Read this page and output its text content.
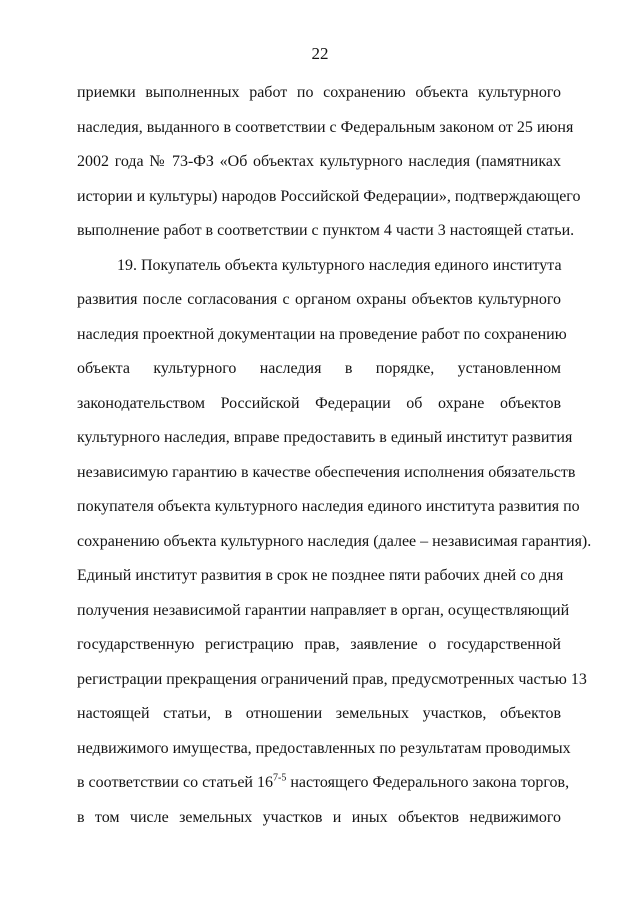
22
приемки выполненных работ по сохранению объекта культурного
наследия, выданного в соответствии с Федеральным законом от 25 июня
2002 года № 73-ФЗ «Об объектах культурного наследия (памятниках
истории и культуры) народов Российской Федерации», подтверждающего
выполнение работ в соответствии с пунктом 4 части 3 настоящей статьи.
19. Покупатель объекта культурного наследия единого института
развития после согласования с органом охраны объектов культурного
наследия проектной документации на проведение работ по сохранению
объекта культурного наследия в порядке, установленном
законодательством Российской Федерации об охране объектов
культурного наследия, вправе предоставить в единый институт развития
независимую гарантию в качестве обеспечения исполнения обязательств
покупателя объекта культурного наследия единого института развития по
сохранению объекта культурного наследия (далее – независимая гарантия).
Единый институт развития в срок не позднее пяти рабочих дней со дня
получения независимой гарантии направляет в орган, осуществляющий
государственную регистрацию прав, заявление о государственной
регистрации прекращения ограничений прав, предусмотренных частью 13
настоящей статьи, в отношении земельных участков, объектов
недвижимого имущества, предоставленных по результатам проводимых
в соответствии со статьей 16$^{7-5}$ настоящего Федерального закона торгов,
в том числе земельных участков и иных объектов недвижимого
